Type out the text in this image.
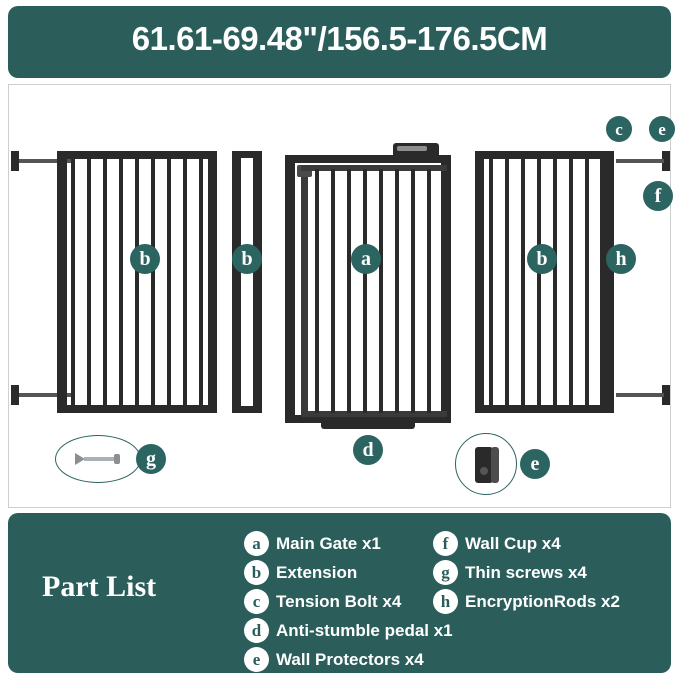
61.61-69.48"/156.5-176.5CM
b	b	a	b	h
c	e
f
g	d
e
Part List
a Main Gate x1
b Extension
c Tension Bolt x4
d Anti-stumble pedal x1
e Wall Protectors x4
f Wall Cup x4
g Thin screws x4
h EncryptionRods x2
